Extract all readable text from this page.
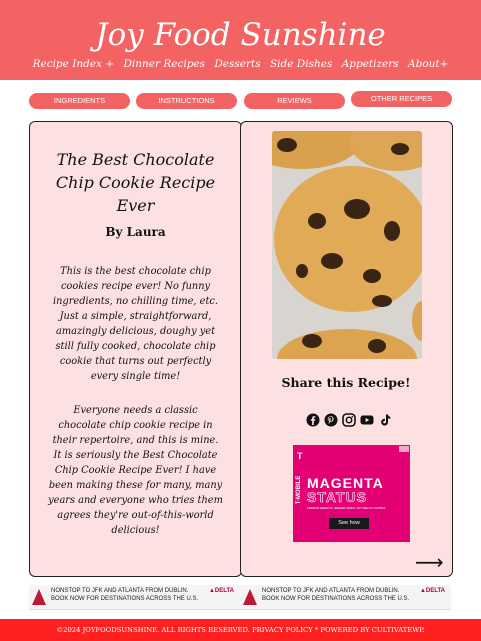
Joy Food Sunshine
Recipe Index + Dinner Recipes Desserts Side Dishes Appetizers About+
INGREDIENTS	INSTRUCTIONS	REVIEWS	OTHER RECIPES
The Best Chocolate Chip Cookie Recipe Ever
By Laura
This is the best chocolate chip cookies recipe ever! No funny ingredients, no chilling time, etc. Just a simple, straightforward, amazingly delicious, doughy yet still fully cooked, chocolate chip cookie that turns out perfectly every single time!
Everyone needs a classic chocolate chip cookie recipe in their repertoire, and this is mine. It is seriously the Best Chocolate Chip Cookie Recipe Ever! I have been making these for many, many years and everyone who tries them agrees they're out-of-this-world delicious!
Share this Recipe!
T-MOBILE
T
MAGENTA
STATUS
PREMIUM BENEFITS. MEMBER PERKS. ANYTIME ON T-MOBILE.
See how
⟶
NONSTOP TO JFK AND ATLANTA FROM DUBLIN.
BOOK NOW FOR DESTINATIONS ACROSS THE U.S.
▲DELTA	NONSTOP TO JFK AND ATLANTA FROM DUBLIN.
BOOK NOW FOR DESTINATIONS ACROSS THE U.S.
▲DELTA
©2024 JOYFOODSUNSHINE. ALL RIGHTS RESERVED. PRIVACY POLICY * POWERED BY CULTIVATEWP.
